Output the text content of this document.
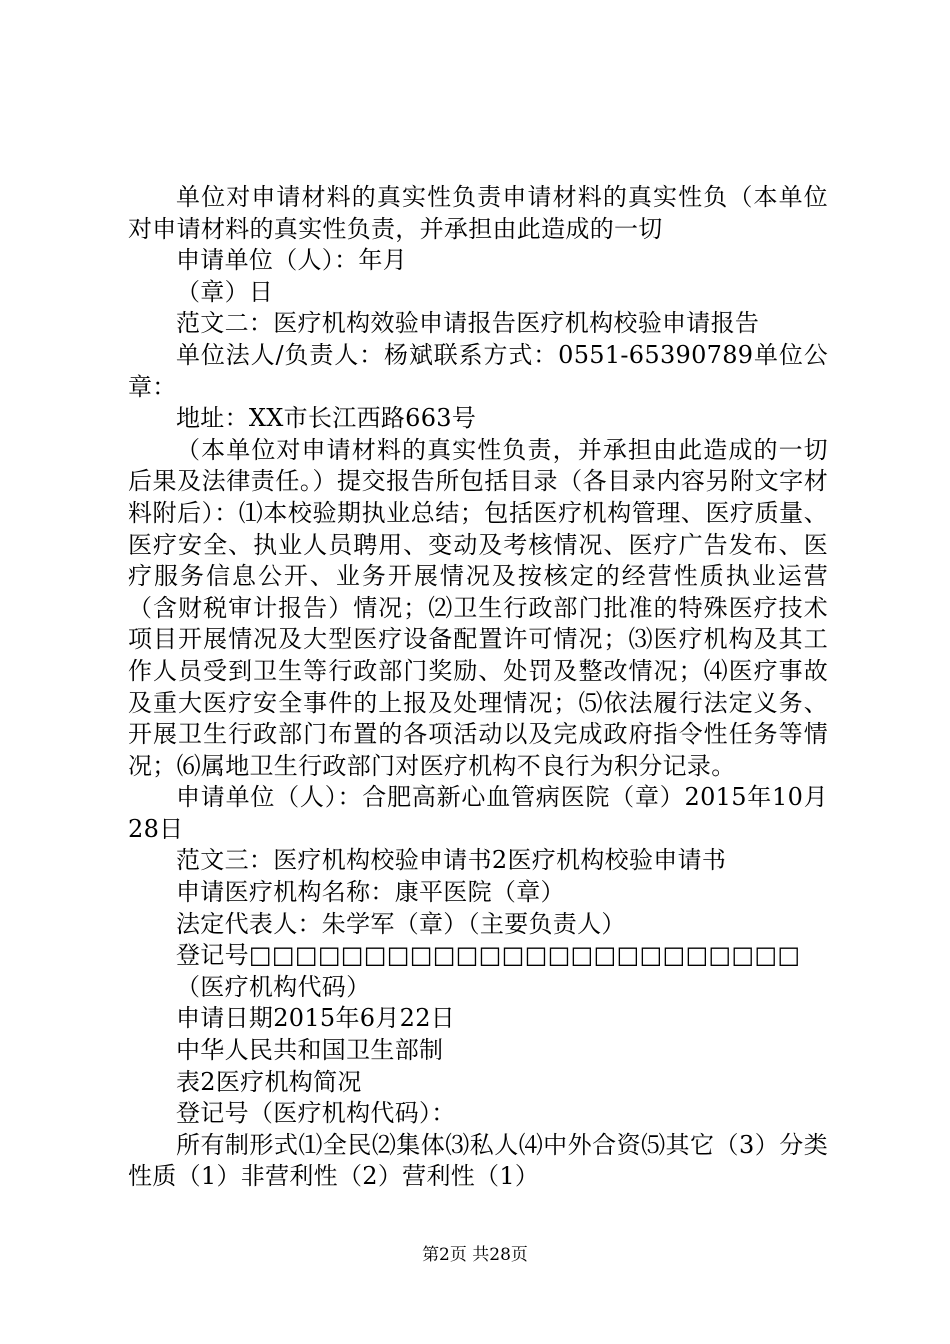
单位对申请材料的真实性负责申请材料的真实性负（本单位对申请材料的真实性负责，并承担由此造成的一切

申请单位（人）：年月

（章）日

范文二：医疗机构效验申请报告医疗机构校验申请报告

单位法人/负责人：杨斌联系方式：0551-65390789单位公章：

地址：XX市长江西路663号

（本单位对申请材料的真实性负责，并承担由此造成的一切后果及法律责任。）提交报告所包括目录（各目录内容另附文字材料附后）：⑴本校验期执业总结；包括医疗机构管理、医疗质量、医疗安全、执业人员聘用、变动及考核情况、医疗广告发布、医疗服务信息公开、业务开展情况及按核定的经营性质执业运营（含财税审计报告）情况；⑵卫生行政部门批准的特殊医疗技术项目开展情况及大型医疗设备配置许可情况；⑶医疗机构及其工作人员受到卫生等行政部门奖励、处罚及整改情况；⑷医疗事故及重大医疗安全事件的上报及处理情况；⑸依法履行法定义务、开展卫生行政部门布置的各项活动以及完成政府指令性任务等情况；⑹属地卫生行政部门对医疗机构不良行为积分记录。

申请单位（人）：合肥高新心血管病医院（章）2015年10月28日

范文三：医疗机构校验申请书2医疗机构校验申请书

申请医疗机构名称：康平医院（章）

法定代表人：朱学军（章）（主要负责人）

登记号□□□□□□□□□□□□□□□□□□□□□□□□

（医疗机构代码）

申请日期2015年6月22日

中华人民共和国卫生部制

表2医疗机构简况

登记号（医疗机构代码）：

所有制形式⑴全民⑵集体⑶私人⑷中外合资⑸其它（3）分类性质（1）非营利性（2）营利性（1）

第2页 共28页
